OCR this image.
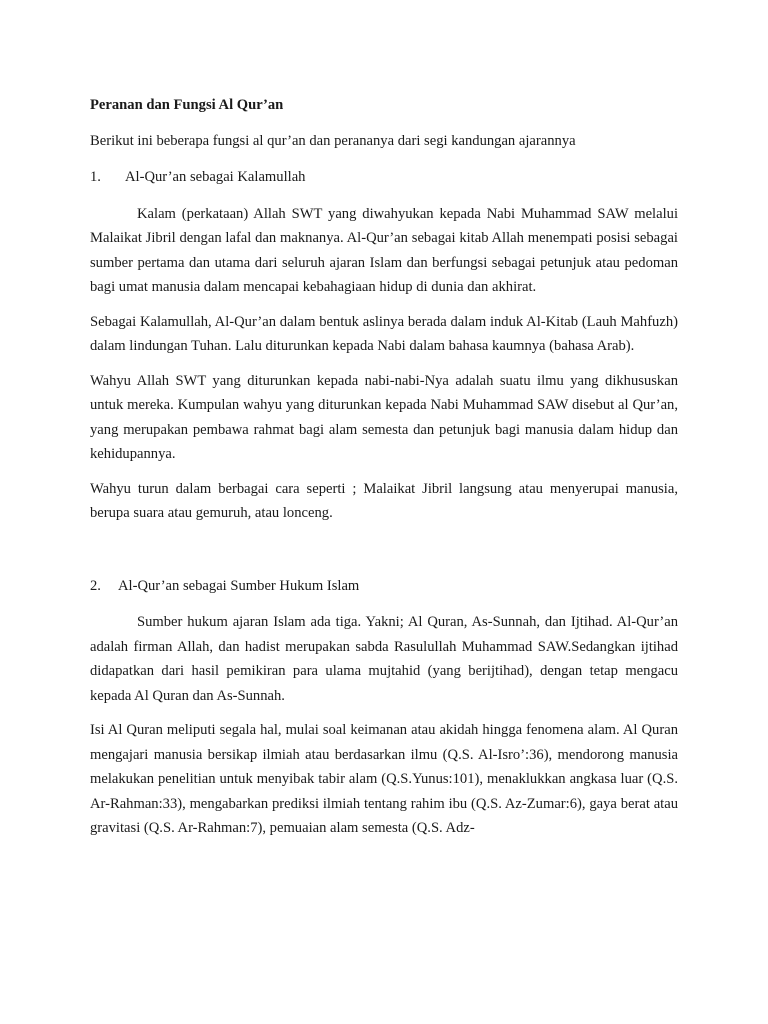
Peranan dan Fungsi Al Qur’an
Berikut ini beberapa fungsi al qur’an dan perananya dari segi kandungan ajarannya
1.	Al-Qur’an sebagai Kalamullah

Kalam (perkataan) Allah SWT yang diwahyukan kepada Nabi Muhammad SAW melalui Malaikat Jibril dengan lafal dan maknanya. Al-Qur’an sebagai kitab Allah menempati posisi sebagai sumber pertama dan utama dari seluruh ajaran Islam dan berfungsi sebagai petunjuk atau pedoman bagi umat manusia dalam mencapai kebahagiaan hidup di dunia dan akhirat.

Sebagai Kalamullah, Al-Qur’an dalam bentuk aslinya berada dalam induk Al-Kitab (Lauh Mahfuzh) dalam lindungan Tuhan. Lalu diturunkan kepada Nabi dalam bahasa kaumnya (bahasa Arab).

Wahyu Allah SWT yang diturunkan kepada nabi-nabi-Nya adalah suatu ilmu yang dikhususkan untuk mereka. Kumpulan wahyu yang diturunkan kepada Nabi Muhammad SAW disebut al Qur’an, yang merupakan pembawa rahmat bagi alam semesta dan petunjuk bagi manusia dalam hidup dan kehidupannya.

Wahyu turun dalam berbagai cara seperti ; Malaikat Jibril langsung atau menyerupai manusia, berupa suara atau gemuruh, atau lonceng.

2.	Al-Qur’an sebagai Sumber Hukum Islam

Sumber hukum ajaran Islam ada tiga. Yakni; Al Quran, As-Sunnah, dan Ijtihad. Al-Qur’an adalah firman Allah, dan hadist merupakan sabda Rasulullah Muhammad SAW.Sedangkan ijtihad didapatkan dari hasil pemikiran para ulama mujtahid (yang berijtihad), dengan tetap mengacu kepada Al Quran dan As-Sunnah.

Isi Al Quran meliputi segala hal, mulai soal keimanan atau akidah hingga fenomena alam. Al Quran mengajari manusia bersikap ilmiah atau berdasarkan ilmu (Q.S. Al-Isro’:36), mendorong manusia melakukan penelitian untuk menyibak tabir alam (Q.S.Yunus:101), menaklukkan angkasa luar (Q.S. Ar-Rahman:33), mengabarkan prediksi ilmiah tentang rahim ibu (Q.S. Az-Zumar:6), gaya berat atau gravitasi (Q.S. Ar-Rahman:7), pemuaian alam semesta (Q.S. Adz-
